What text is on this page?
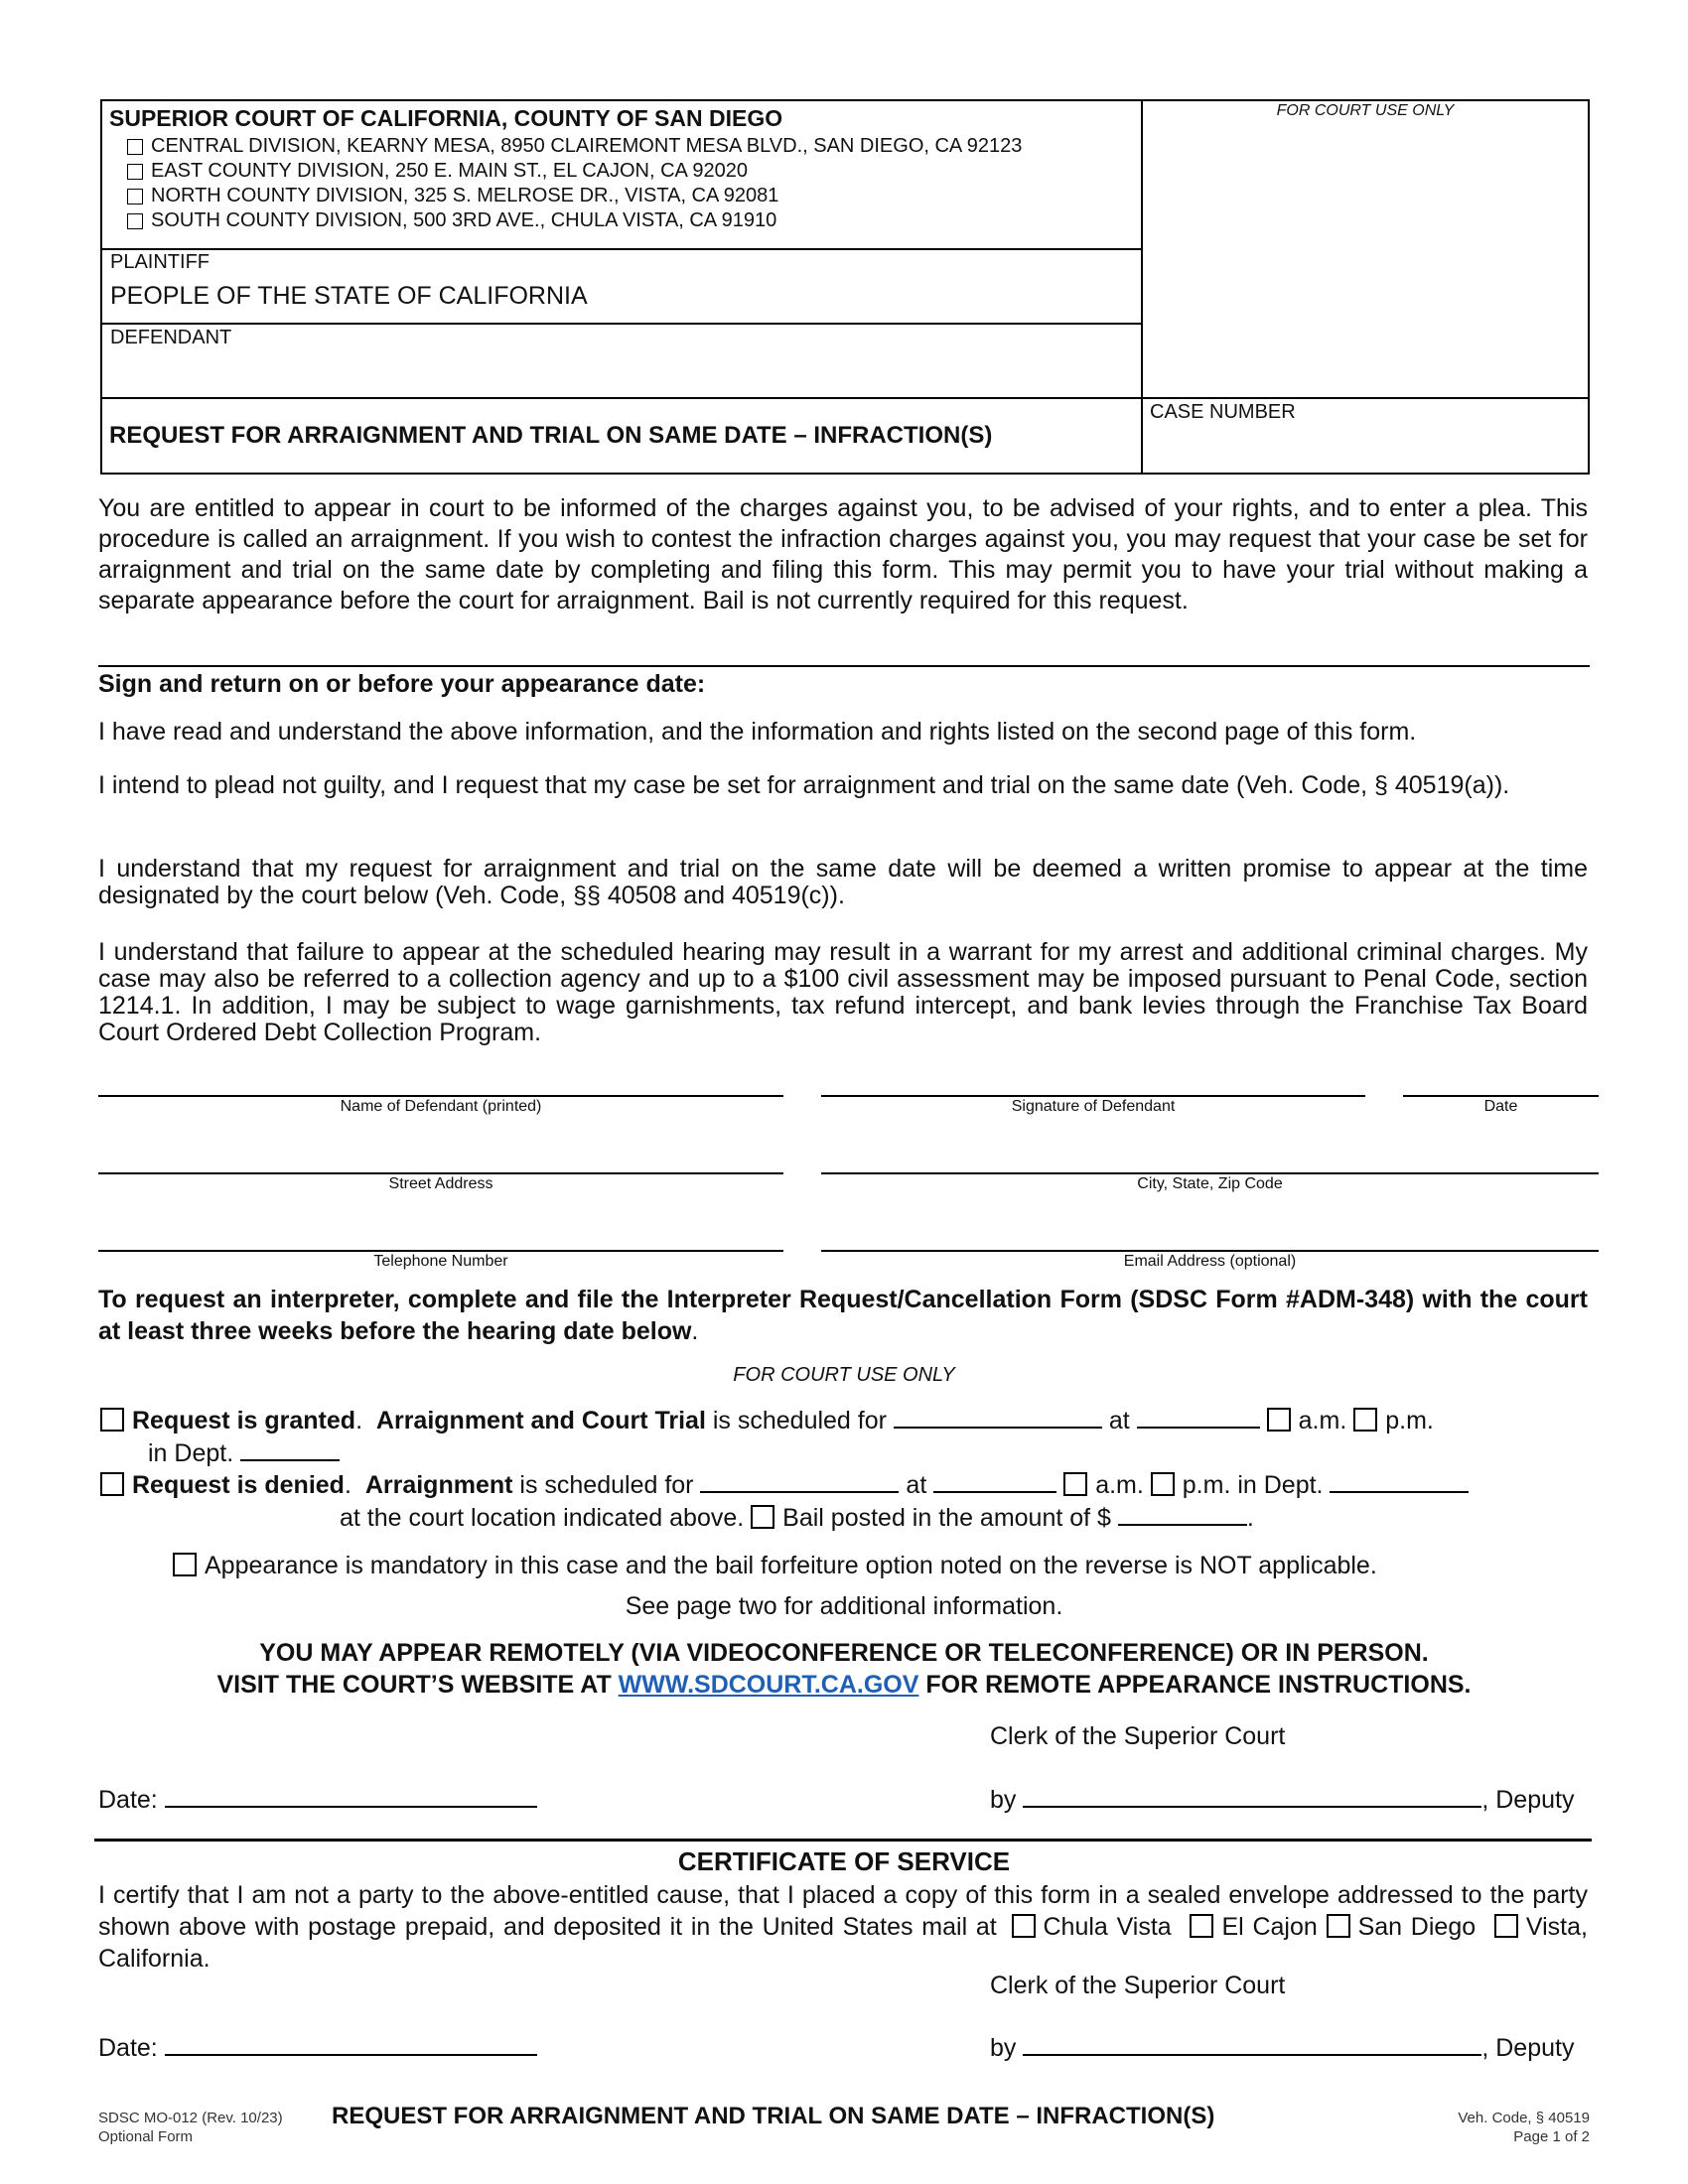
SUPERIOR COURT OF CALIFORNIA, COUNTY OF SAN DIEGO
CENTRAL DIVISION, KEARNY MESA, 8950 CLAIREMONT MESA BLVD., SAN DIEGO, CA 92123
EAST COUNTY DIVISION, 250 E. MAIN ST., EL CAJON, CA 92020
NORTH COUNTY DIVISION, 325 S. MELROSE DR., VISTA, CA 92081
SOUTH COUNTY DIVISION, 500 3RD AVE., CHULA VISTA, CA 91910
FOR COURT USE ONLY
PLAINTIFF
PEOPLE OF THE STATE OF CALIFORNIA
DEFENDANT
REQUEST FOR ARRAIGNMENT AND TRIAL ON SAME DATE – INFRACTION(S)
CASE NUMBER
You are entitled to appear in court to be informed of the charges against you, to be advised of your rights, and to enter a plea. This procedure is called an arraignment. If you wish to contest the infraction charges against you, you may request that your case be set for arraignment and trial on the same date by completing and filing this form. This may permit you to have your trial without making a separate appearance before the court for arraignment. Bail is not currently required for this request.
Sign and return on or before your appearance date:
I have read and understand the above information, and the information and rights listed on the second page of this form.
I intend to plead not guilty, and I request that my case be set for arraignment and trial on the same date (Veh. Code, § 40519(a)).
I understand that my request for arraignment and trial on the same date will be deemed a written promise to appear at the time designated by the court below (Veh. Code, §§ 40508 and 40519(c)).
I understand that failure to appear at the scheduled hearing may result in a warrant for my arrest and additional criminal charges. My case may also be referred to a collection agency and up to a $100 civil assessment may be imposed pursuant to Penal Code, section 1214.1. In addition, I may be subject to wage garnishments, tax refund intercept, and bank levies through the Franchise Tax Board Court Ordered Debt Collection Program.
Name of Defendant (printed)	Signature of Defendant	Date
Street Address	City, State, Zip Code
Telephone Number	Email Address (optional)
To request an interpreter, complete and file the Interpreter Request/Cancellation Form (SDSC Form #ADM-348) with the court at least three weeks before the hearing date below.
FOR COURT USE ONLY
Request is granted. Arraignment and Court Trial is scheduled for	at	a.m. p.m.
in Dept.
Request is denied. Arraignment is scheduled for	at	a.m. p.m. in Dept.
at the court location indicated above. Bail posted in the amount of $	.
Appearance is mandatory in this case and the bail forfeiture option noted on the reverse is NOT applicable.
See page two for additional information.
YOU MAY APPEAR REMOTELY (VIA VIDEOCONFERENCE OR TELECONFERENCE) OR IN PERSON.
VISIT THE COURT’S WEBSITE AT WWW.SDCOURT.CA.GOV FOR REMOTE APPEARANCE INSTRUCTIONS.
Clerk of the Superior Court
Date:	by	, Deputy
CERTIFICATE OF SERVICE
I certify that I am not a party to the above-entitled cause, that I placed a copy of this form in a sealed envelope addressed to the party shown above with postage prepaid, and deposited it in the United States mail at Chula Vista El Cajon San Diego Vista, California.
Clerk of the Superior Court
Date:	by	, Deputy
SDSC MO-012 (Rev. 10/23)
Optional Form
REQUEST FOR ARRAIGNMENT AND TRIAL ON SAME DATE – INFRACTION(S)	Veh. Code, § 40519
Page 1 of 2
